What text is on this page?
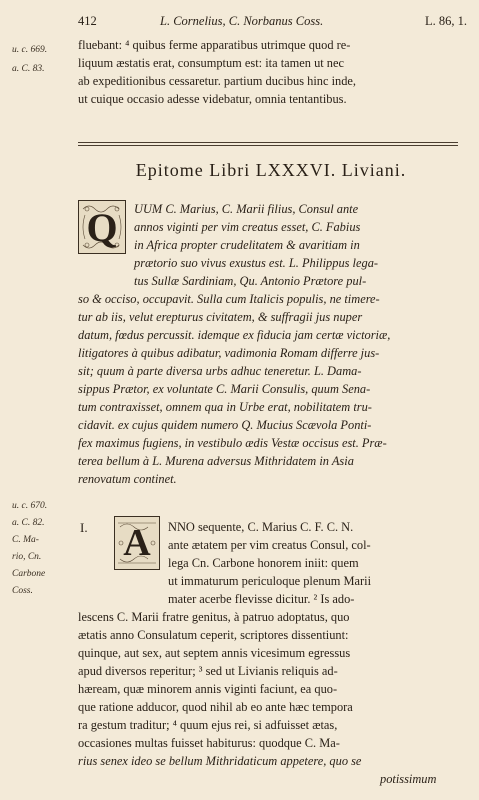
412	L. Cornelius, C. Norbanus Coss.	L. 86, 1.
u. c. 669.
a. C. 83.
fluebant: ⁴ quibus ferme apparatibus utrimque quod re-
liquum æstatis erat, consumptum est: ita tamen ut nec
ab expeditionibus cessaretur. partium ducibus hinc inde,
ut cuique occasio adesse videbatur, omnia tentantibus.
Epitome Libri LXXXVI. Liviani.
Q UUM C. Marius, C. Marii filius, Consul ante
annos viginti per vim creatus esset, C. Fabius
in Africa propter crudelitatem & avaritiam in
prætorio suo vivus exustus est. L. Philippus lega-
tus Sullæ Sardiniam, Qu. Antonio Prætore pul-
so & occiso, occupavit. Sulla cum Italicis populis, ne timere-
tur ab iis, velut erepturus civitatem, & suffragii jus nuper
datum, fœdus percussit. idemque ex fiducia jam certæ victoriæ,
litigatores à quibus adibatur, vadimonia Romam differre jus-
sit; quum à parte diversa urbs adhuc teneretur. L. Dama-
sippus Prætor, ex voluntate C. Marii Consulis, quum Sena-
tum contraxisset, omnem qua in Urbe erat, nobilitatem tru-
cidavit. ex cujus quidem numero Q. Mucius Scævola Ponti-
fex maximus fugiens, in vestibulo ædis Vestæ occisus est. Præ-
terea bellum à L. Murena adversus Mithridatem in Asia
renovatum continet.
u. c. 670.
a. C. 82.
C. Ma-
rio, Cn.
Carbone
Coss.
I. A NNO sequente, C. Marius C. F. C. N.
ante ætatem per vim creatus Consul, col-
lega Cn. Carbone honorem iniit: quem
ut immaturum periculoque plenum Marii
mater acerbe flevisse dicitur. ² Is ado-
lescens C. Marii fratre genitus, à patruo adoptatus, quo
ætatis anno Consulatum ceperit, scriptores dissentiunt:
quinque, aut sex, aut septem annis vicesimum egressus
apud diversos reperitur; ³ sed ut Livianis reliquis ad-
hæream, quæ minorem annis viginti faciunt, ea quo-
que ratione adducor, quod nihil ab eo ante hæc tempora
ra gestum traditur; ⁴ quum ejus rei, si adfuisset ætas,
occasiones multas fuisset habiturus: quodque C. Ma-
rius senex ideo se bellum Mithridaticum appetere, quo se
potissimum
